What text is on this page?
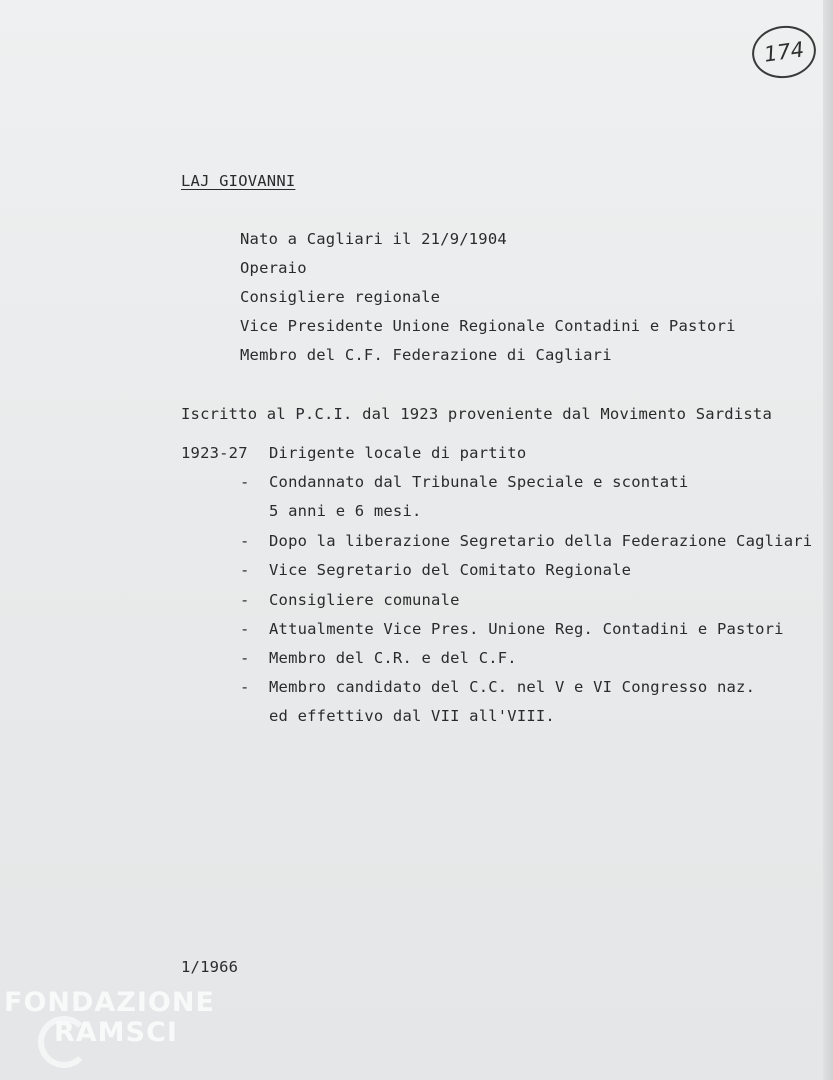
174
LAJ GIOVANNI
Nato a Cagliari il 21/9/1904
Operaio
Consigliere regionale
Vice Presidente Unione Regionale Contadini e Pastori
Membro del C.F. Federazione di Cagliari
Iscritto al P.C.I. dal 1923 proveniente dal Movimento Sardista
1923-27 Dirigente locale di partito
- Condannato dal Tribunale Speciale e scontati
5 anni e 6 mesi.
- Dopo la liberazione Segretario della Federazione Cagliari
- Vice Segretario del Comitato Regionale
- Consigliere comunale
- Attualmente Vice Pres. Unione Reg. Contadini e Pastori
- Membro del C.R. e del C.F.
- Membro candidato del C.C. nel V e VI Congresso naz.
ed effettivo dal VII all'VIII.
1/1966
FONDAZIONE
RAMSCI
